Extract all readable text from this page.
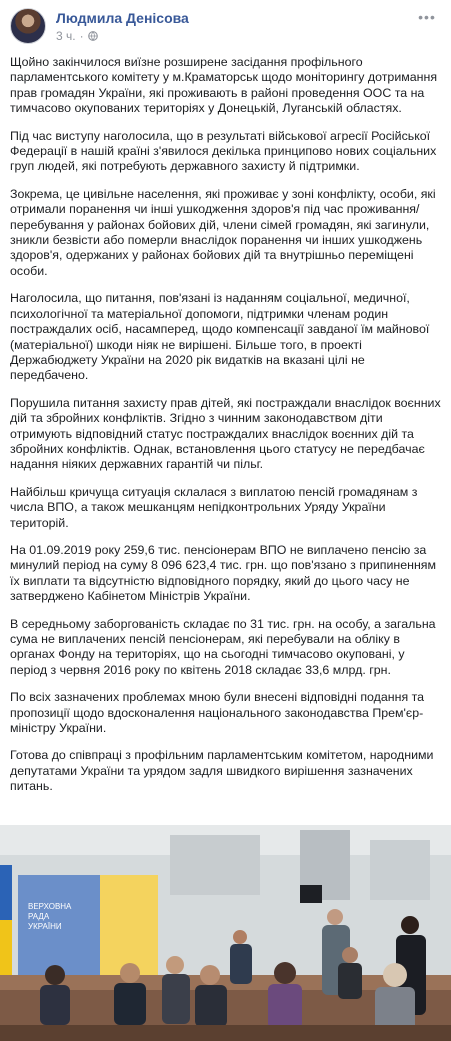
Людмила Денісова
3 ч. ·
•••

Щойно закінчилося виїзне розширене засідання профільного парламентського комітету у м.Краматорськ щодо моніторингу дотримання прав громадян України, які проживають в районі проведення ООС та на тимчасово окупованих територіях у Донецькій, Луганській областях.

Під час виступу наголосила, що в результаті військової агресії Російської Федерації в нашій країні з'явилося декілька принципово нових соціальних груп людей, які потребують державного захисту й підтримки.

Зокрема, це цивільне населення, які проживає у зоні конфлікту, особи, які отримали поранення чи інші ушкодження здоров'я під час проживання/перебування у районах бойових дій, члени сімей громадян, які загинули, зникли безвісти або померли внаслідок поранення чи інших ушкоджень здоров'я, одержаних у районах бойових дій та внутрішньо переміщені особи.

Наголосила, що питання, пов'язані із наданням соціальної, медичної, психологічної та матеріальної допомоги, підтримки членам родин постраждалих осіб, насамперед, щодо компенсації завданої їм майнової (матеріальної) шкоди ніяк не вирішені. Більше того, в проекті Держабюджету України на 2020 рік видатків на вказані цілі не передбачено.

Порушила питання захисту прав дітей, які постраждали внаслідок воєнних дій та збройних конфліктів. Згідно з чинним законодавством діти отримують відповідний статус постраждалих внаслідок воєнних дій та збройних конфліктів. Однак, встановлення цього статусу не передбачає надання ніяких державних гарантій чи пільг.

Найбільш кричуща ситуація склалася з виплатою пенсій громадянам з числа ВПО, а також мешканцям непідконтрольних Уряду України територій.

На 01.09.2019 року 259,6 тис. пенсіонерам ВПО не виплачено пенсію за минулий період на суму 8 096 623,4 тис. грн. що пов'язано з припиненням їх виплати та відсутністю відповідного порядку, який до цього часу не затверджено Кабінетом Міністрів України.

В середньому заборгованість складає по 31 тис. грн. на особу, а загальна сума не виплачених пенсій пенсіонерам, які перебували на обліку в органах Фонду на територіях, що на сьогодні тимчасово окуповані, у період з червня 2016 року по квітень 2018 складає 33,6 млрд. грн.

По всіх зазначених проблемах мною були внесені відповідні подання та пропозиції щодо вдосконалення національного законодавства Прем'єр-міністру України.

Готова до співпраці з профільним парламентським комітетом, народними депутатами України та урядом задля швидкого вирішення зазначених питань.

ВЕРХОВНА
РАДА
УКРАЇНИ
